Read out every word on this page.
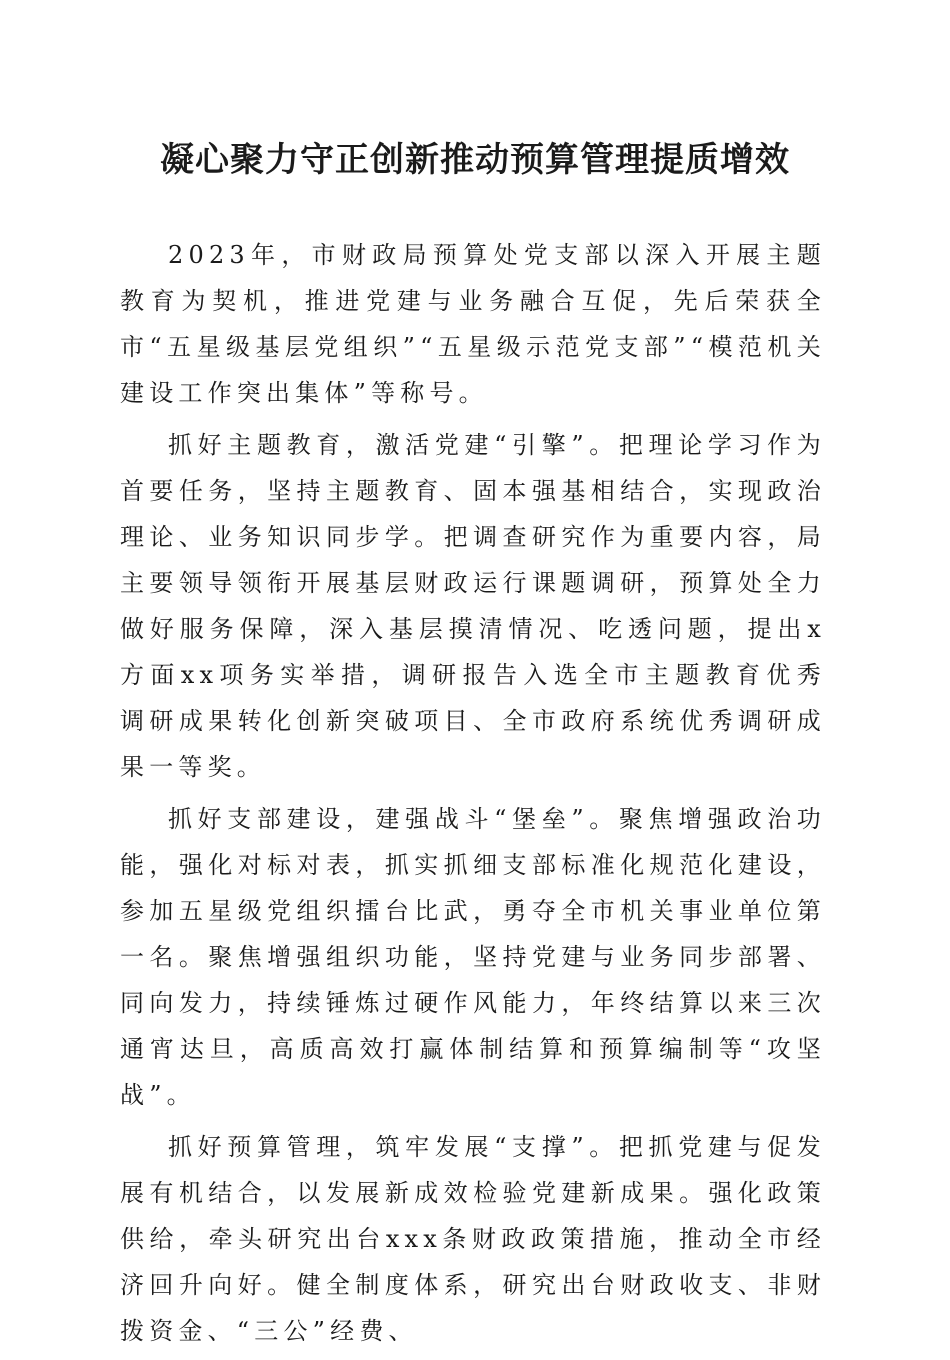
凝心聚力守正创新推动预算管理提质增效

2023年，市财政局预算处党支部以深入开展主题教育为契机，推进党建与业务融合互促，先后荣获全市“五星级基层党组织”“五星级示范党支部”“模范机关建设工作突出集体”等称号。

抓好主题教育，激活党建“引擎”。把理论学习作为首要任务，坚持主题教育、固本强基相结合，实现政治理论、业务知识同步学。把调查研究作为重要内容，局主要领导领衔开展基层财政运行课题调研，预算处全力做好服务保障，深入基层摸清情况、吃透问题，提出x方面xx项务实举措，调研报告入选全市主题教育优秀调研成果转化创新突破项目、全市政府系统优秀调研成果一等奖。

抓好支部建设，建强战斗“堡垒”。聚焦增强政治功能，强化对标对表，抓实抓细支部标准化规范化建设，参加五星级党组织擂台比武，勇夺全市机关事业单位第一名。聚焦增强组织功能，坚持党建与业务同步部署、同向发力，持续锤炼过硬作风能力，年终结算以来三次通宵达旦，高质高效打赢体制结算和预算编制等“攻坚战”。

抓好预算管理，筑牢发展“支撑”。把抓党建与促发展有机结合，以发展新成效检验党建新成果。强化政策供给，牵头研究出台xxx条财政政策措施，推动全市经济回升向好。健全制度体系，研究出台财政收支、非财拨资金、“三公”经费、
